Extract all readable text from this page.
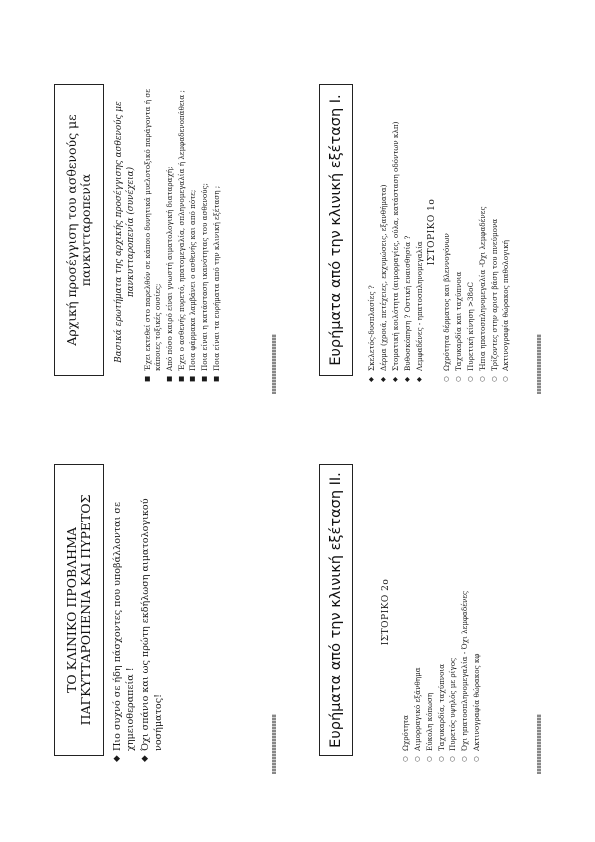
Αρχική προσέγγιση του ασθενούς με πανκυτταροπενία	Βασικά ερωτήματα της αρχικής προσέγγισης ασθενούς με πανκυτταροπενία (συνέχεια)
■
Έχει εκτεθεί στο παρελθόν σε κάποιο δυνητικά μυελοτοξικό παράγοντα ή σε κάποιες τοξικές ουσίες;
■
Από πόσο καιρό είναι γνωστή αιματολογική διαταραχή;
■
Έχει ο ασθενής πυρετό, ηπατομεγαλία, σπληνομεγαλία ή λεμφαδενοπάθεια ;
■
Ποια φάρμακα λαμβάνει ο ασθενής και από πότε;
■
Ποια είναι η κατάσταση ικανότητας του ασθενούς;
■
Ποια είναι τα ευρήματα από την κλινική εξέταση ;	Ευρήματα από την κλινική εξέταση Ι.
◆
Σκελετός-δυσπλασίες ?
◆
Δέρμα (χροιά, πετέχειες, εκχυμώσεις, εξανθήματα)
◆
Στοματική κοιλότητα (αιμορραγίες, ούλα, κατάσταση οδόντων κλπ)
◆
Βυθοσκόπηση ? Οστική ευαισθησία ?
◆
Λεμφαδένες - ηπατοσπληνομεγαλία
ΙΣΤΟΡΙΚΟ 1ο
○
Ωχρότητα δέρματος και βλεννογόνων
○
Ταχυκαρδία και ταχύπνοια
○
Πυρετική κίνηση >38oC
○
Ήπια ηπατοσπληνομεγαλία -Όχι λεμφαδένες
○
Τρίζοντες στην αριστ βάση του πνεύμονα
○
Ακτινογραφία θώρακος παθολογική
ΤΟ ΚΛΙΝΙΚΟ ΠΡΟΒΛΗΜΑ ΠΑΓΚΥΤΤΑΡΟΠΕΝΙΑ ΚΑΙ ΠΥΡΕΤΟΣ
◆
Πιο συχνό σε ήδη πάσχοντες που υποβάλλονται σε χημειοθεραπεία !
◆
Όχι σπάνιο και ως πρώτη εκδήλωση αιματολογικού νοσήματος!	Ευρήματα από την κλινική εξέταση ΙΙ.	ΙΣΤΟΡΙΚΟ 2ο
○
Ωχρότητα
○
Αιμορραγικό εξάνθημα
○
Εύκολη κόπωση
○
Ταχυκαρδία, ταχύπνοια
○
Πυρετός υψηλός με ρίγος
○
Όχι ηπατοσπληνομεγαλία - Όχι λεμφαδένες
○
Ακτινογραφία θώρακος κφ
